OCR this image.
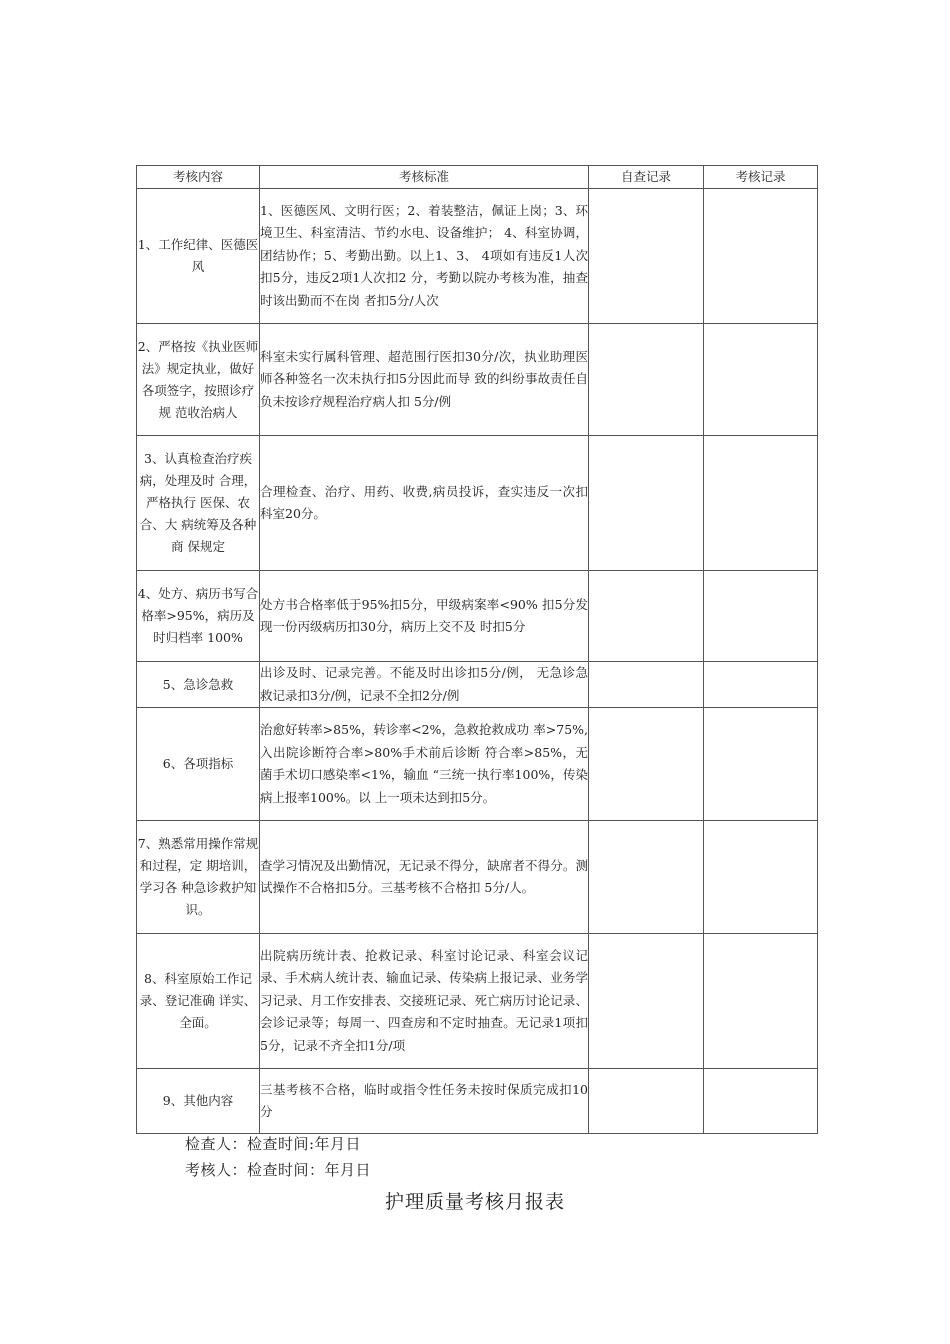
考核内容	考核标准	自查记录	考核记录
1、工作纪律、医德医风	1、医德医风、文明行医；2、着装整洁，佩证上岗；3、环境卫生、科室清洁、节约水电、设备维护； 4、科室协调，团结协作；5、考勤出勤。以上1、3、 4项如有违反1人次扣5分，违反2项1人次扣2 分，考勤以院办考核为准，抽查时该出勤而不在岗 者扣5分/人次		
2、严格按《执业医师法》规定执业，做好各项签字，按照诊疗规 范收治病人	科室未实行属科管理、超范围行医扣30分/次，执业助理医师各种签名一次未执行扣5分因此而导 致的纠纷事故责任自负未按诊疗规程治疗病人扣 5分/例		
3、认真检查治疗疾病，处理及时 合理，严格执行 医保、农合、大 病统筹及各种商 保规定	合理检查、治疗、用药、收费,病员投诉，查实违反一次扣科室20分。		
4、处方、病历书写合格率>95%，病历及时归档率 100%	处方书合格率低于95%扣5分，甲级病案率<90% 扣5分发现一份丙级病历扣30分，病历上交不及 时扣5分		
5、急诊急救	出诊及时、记录完善。不能及时出诊扣5分/例， 无急诊急救记录扣3分/例，记录不全扣2分/例		
6、各项指标	治愈好转率>85%，转诊率<2%，急救抢救成功 率>75%,入出院诊断符合率>80%手术前后诊断 符合率>85%，无菌手术切口感染率<1%，输血 “三统一执行率100%，传染病上报率100%。以 上一项未达到扣5分。		
7、熟悉常用操作常规和过程，定 期培训，学习各 种急诊救护知 识。	查学习情况及出勤情况，无记录不得分，缺席者不得分。测试操作不合格扣5分。三基考核不合格扣 5分/人。		
8、科室原始工作记录、登记准确 详实、全面。	出院病历统计表、抢救记录、科室讨论记录、科室会议记录、手术病人统计表、输血记录、传染病上报记录、业务学习记录、月工作安排表、交接班记录、死亡病历讨论记录、会诊记录等；每周一、四查房和不定时抽查。无记录1项扣5分，记录不齐全扣1分/项		
9、其他内容	三基考核不合格，临时或指令性任务未按时保质完成扣10分		
检查人：检查时间:年月日
考核人：检查时间：年月日
护理质量考核月报表
